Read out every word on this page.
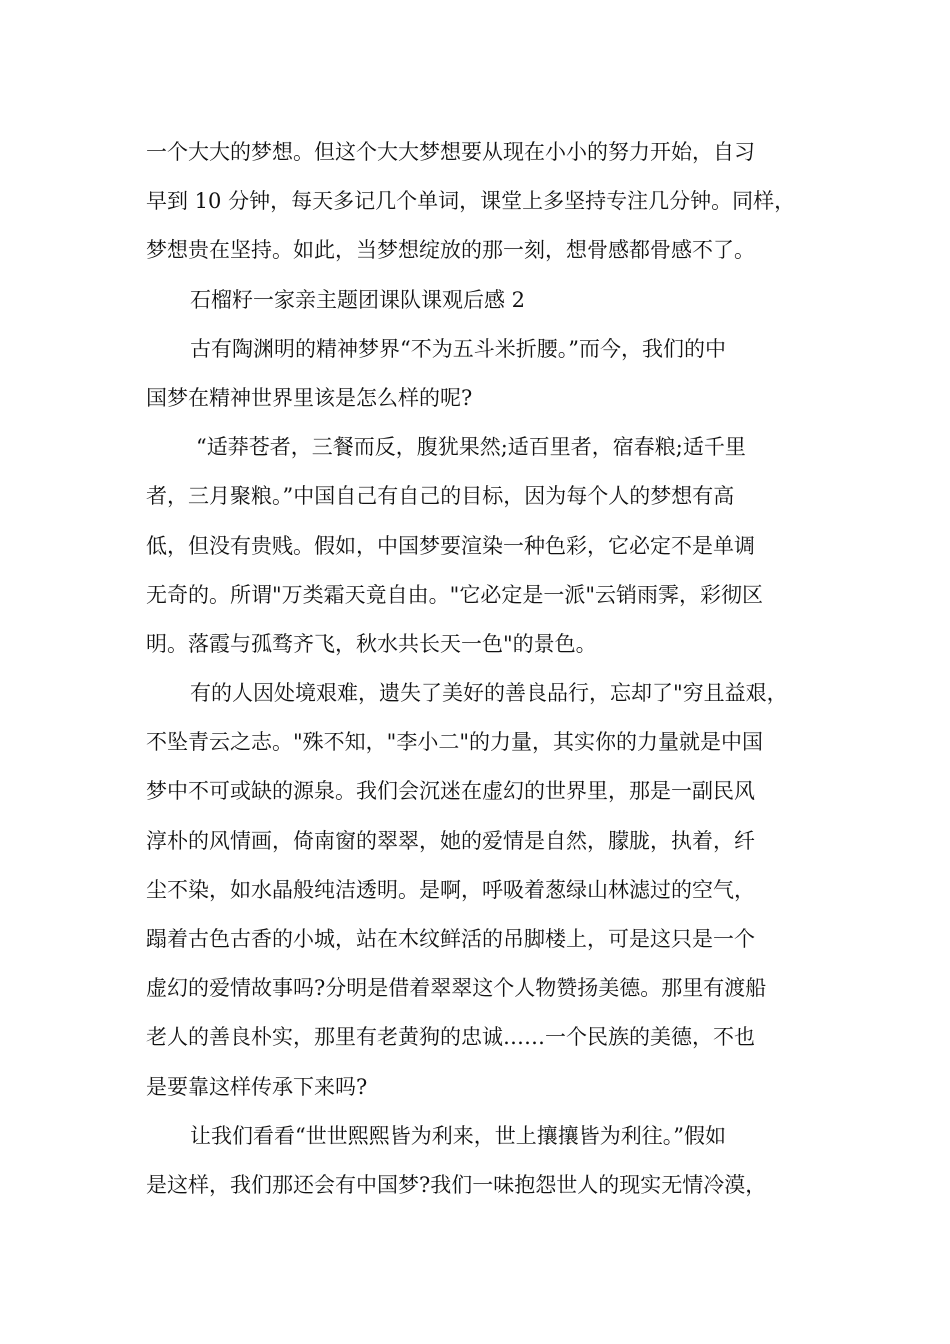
一个大大的梦想。但这个大大梦想要从现在小小的努力开始，自习
早到 10 分钟，每天多记几个单词，课堂上多坚持专注几分钟。同样，
梦想贵在坚持。如此，当梦想绽放的那一刻，想骨感都骨感不了。
石榴籽一家亲主题团课队课观后感 2
古有陶渊明的精神梦界“不为五斗米折腰。”而今，我们的中
国梦在精神世界里该是怎么样的呢?
“适莽苍者，三餐而反，腹犹果然;适百里者，宿春粮;适千里
者，三月聚粮。”中国自己有自己的目标，因为每个人的梦想有高
低，但没有贵贱。假如，中国梦要渲染一种色彩，它必定不是单调
无奇的。所谓"万类霜天竟自由。"它必定是一派"云销雨霁，彩彻区
明。落霞与孤骛齐飞，秋水共长天一色"的景色。
有的人因处境艰难，遗失了美好的善良品行，忘却了"穷且益艰，
不坠青云之志。"殊不知，"李小二"的力量，其实你的力量就是中国
梦中不可或缺的源泉。我们会沉迷在虚幻的世界里，那是一副民风
淳朴的风情画，倚南窗的翠翠，她的爱情是自然，朦胧，执着，纤
尘不染，如水晶般纯洁透明。是啊，呼吸着葱绿山林滤过的空气，
蹋着古色古香的小城，站在木纹鲜活的吊脚楼上，可是这只是一个
虚幻的爱情故事吗?分明是借着翠翠这个人物赞扬美德。那里有渡船
老人的善良朴实，那里有老黄狗的忠诚……一个民族的美德，不也
是要靠这样传承下来吗?
让我们看看“世世熙熙皆为利来，世上攘攘皆为利往。”假如
是这样，我们那还会有中国梦?我们一味抱怨世人的现实无情冷漠，
